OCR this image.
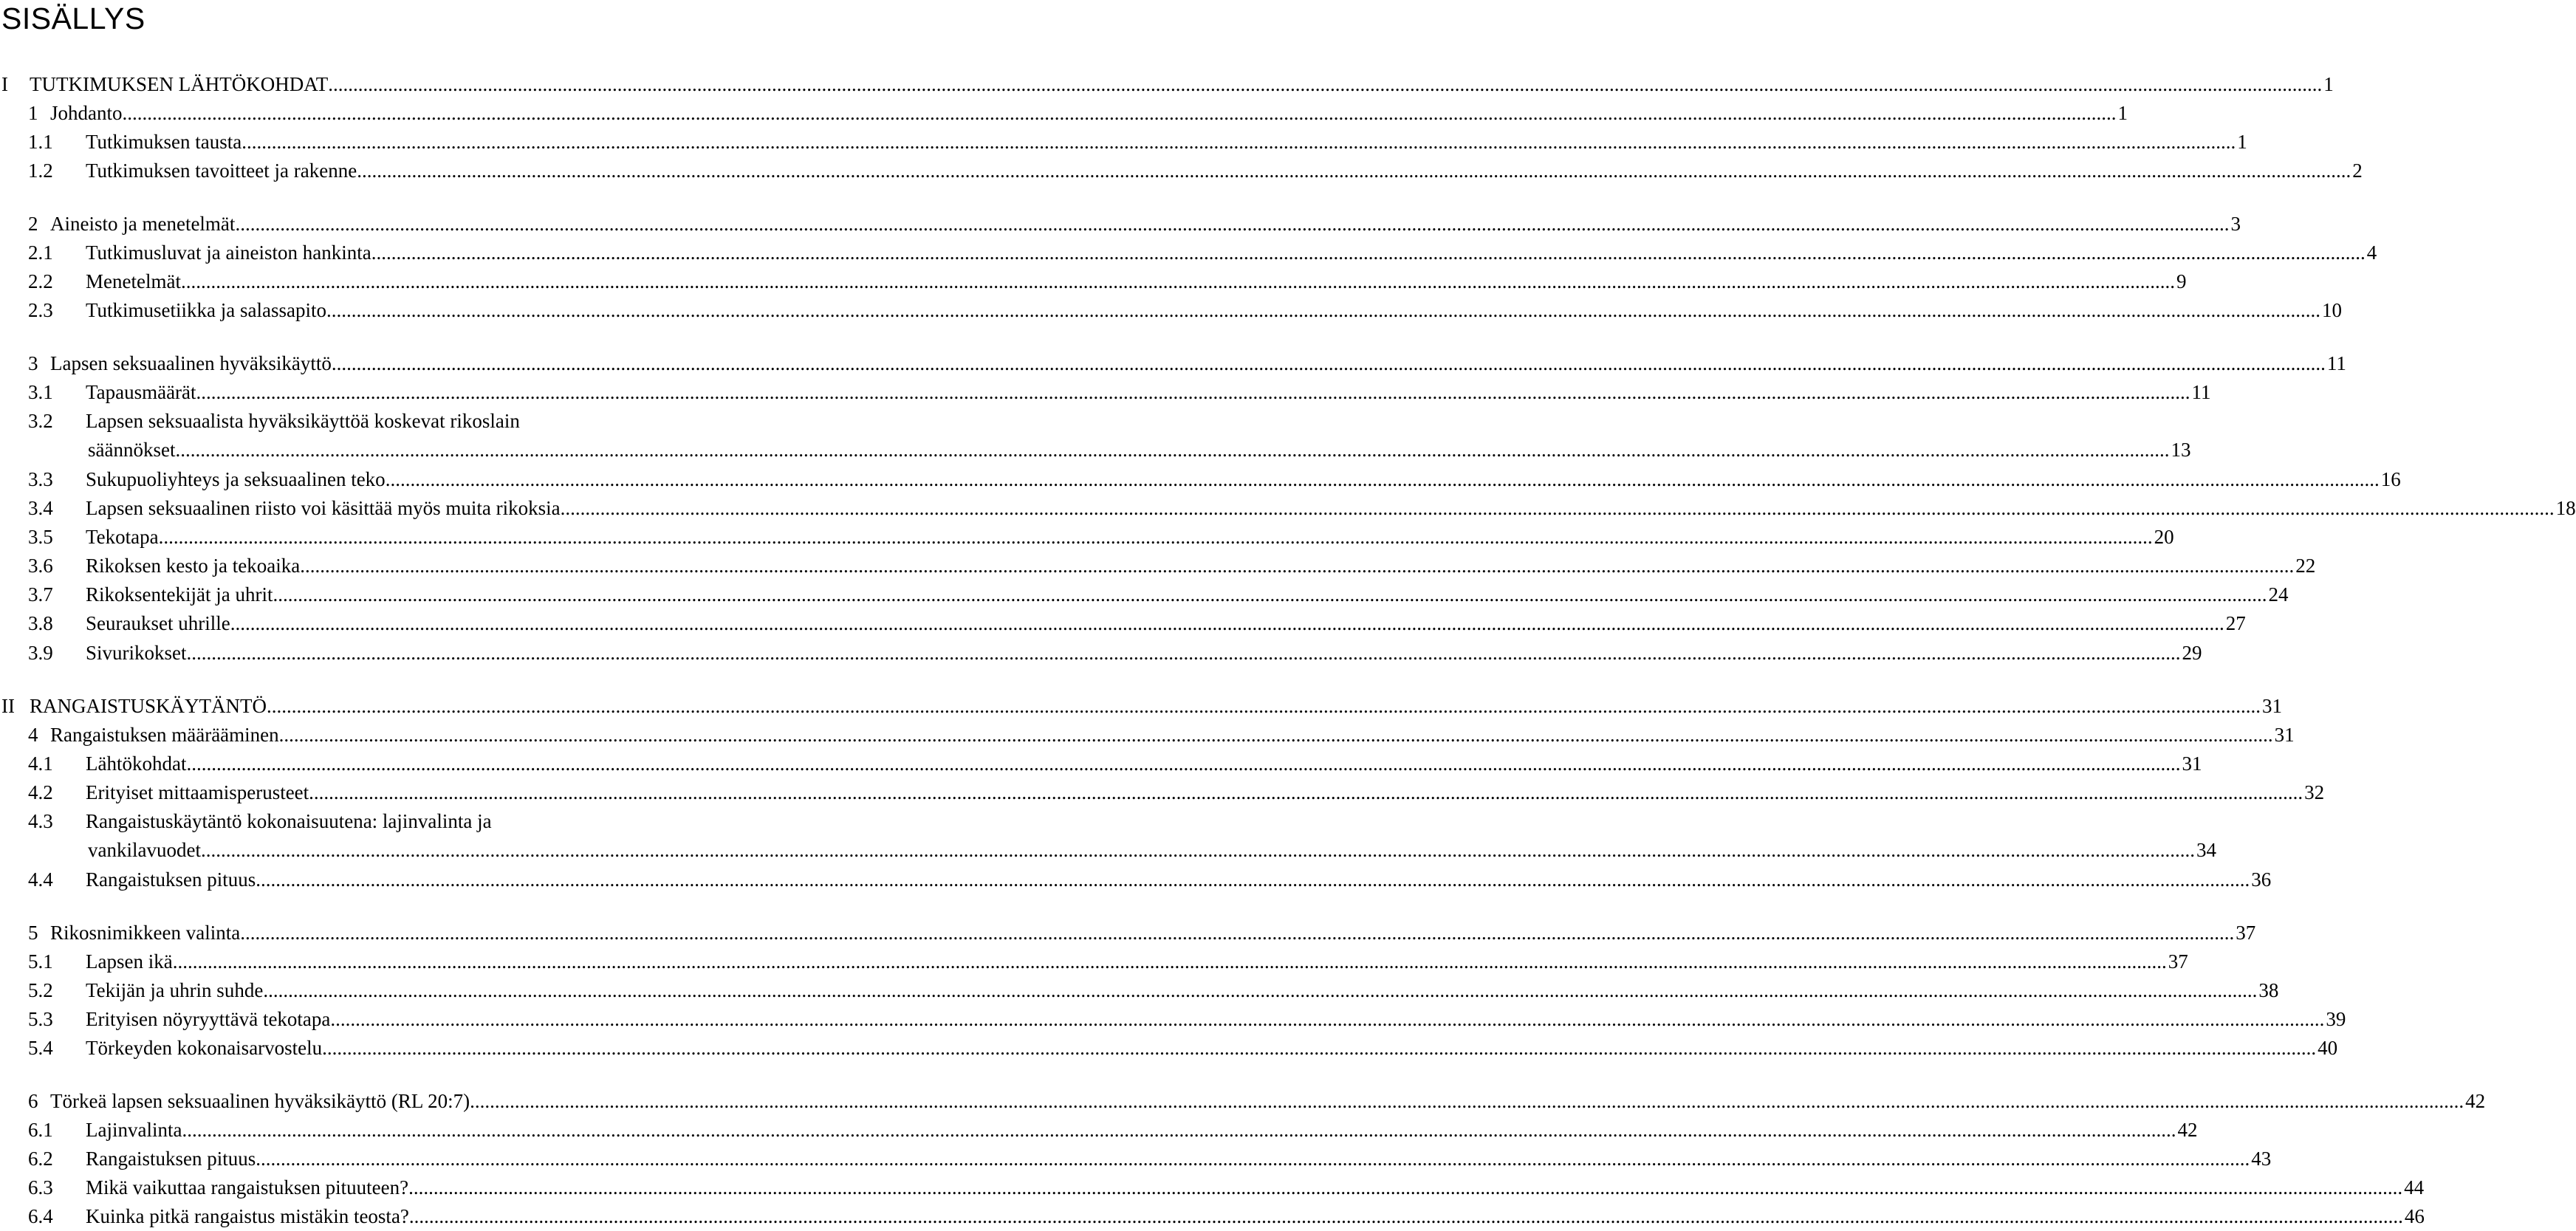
SISÄLLYS
I TUTKIMUKSEN LÄHTÖKOHDAT ................................................................................................................................................................................................................................................................................................................................................................................................................ 1
1 Johdanto ................................................................................................................................................................................................................................................................................................................................................................................................................ 1
1.1 Tutkimuksen tausta ................................................................................................................................................................................................................................................................................................................................................................................................................ 1
1.2 Tutkimuksen tavoitteet ja rakenne ................................................................................................................................................................................................................................................................................................................................................................................................................ 2
2 Aineisto ja menetelmät ................................................................................................................................................................................................................................................................................................................................................................................................................ 3
2.1 Tutkimusluvat ja aineiston hankinta ................................................................................................................................................................................................................................................................................................................................................................................................................ 4
2.2 Menetelmät ................................................................................................................................................................................................................................................................................................................................................................................................................ 9
2.3 Tutkimusetiikka ja salassapito ................................................................................................................................................................................................................................................................................................................................................................................................................ 10
3 Lapsen seksuaalinen hyväksikäyttö ................................................................................................................................................................................................................................................................................................................................................................................................................ 11
3.1 Tapausmäärät ................................................................................................................................................................................................................................................................................................................................................................................................................ 11
3.2 Lapsen seksuaalista hyväksikäyttöä koskevat rikoslain
säännökset ................................................................................................................................................................................................................................................................................................................................................................................................................ 13
3.3 Sukupuoliyhteys ja seksuaalinen teko ................................................................................................................................................................................................................................................................................................................................................................................................................ 16
3.4 Lapsen seksuaalinen riisto voi käsittää myös muita rikoksia ................................................................................................................................................................................................................................................................................................................................................................................................................ 18
3.5 Tekotapa ................................................................................................................................................................................................................................................................................................................................................................................................................ 20
3.6 Rikoksen kesto ja tekoaika ................................................................................................................................................................................................................................................................................................................................................................................................................ 22
3.7 Rikoksentekijät ja uhrit ................................................................................................................................................................................................................................................................................................................................................................................................................ 24
3.8 Seuraukset uhrille ................................................................................................................................................................................................................................................................................................................................................................................................................ 27
3.9 Sivurikokset ................................................................................................................................................................................................................................................................................................................................................................................................................ 29
II RANGAISTUSKÄYTÄNTÖ ................................................................................................................................................................................................................................................................................................................................................................................................................ 31
4 Rangaistuksen määrääminen ................................................................................................................................................................................................................................................................................................................................................................................................................ 31
4.1 Lähtökohdat ................................................................................................................................................................................................................................................................................................................................................................................................................ 31
4.2 Erityiset mittaamisperusteet ................................................................................................................................................................................................................................................................................................................................................................................................................ 32
4.3 Rangaistuskäytäntö kokonaisuutena: lajinvalinta ja
vankilavuodet ................................................................................................................................................................................................................................................................................................................................................................................................................ 34
4.4 Rangaistuksen pituus ................................................................................................................................................................................................................................................................................................................................................................................................................ 36
5 Rikosnimikkeen valinta ................................................................................................................................................................................................................................................................................................................................................................................................................ 37
5.1 Lapsen ikä ................................................................................................................................................................................................................................................................................................................................................................................................................ 37
5.2 Tekijän ja uhrin suhde ................................................................................................................................................................................................................................................................................................................................................................................................................ 38
5.3 Erityisen nöyryyttävä tekotapa ................................................................................................................................................................................................................................................................................................................................................................................................................ 39
5.4 Törkeyden kokonaisarvostelu ................................................................................................................................................................................................................................................................................................................................................................................................................ 40
6 Törkeä lapsen seksuaalinen hyväksikäyttö (RL 20:7) ................................................................................................................................................................................................................................................................................................................................................................................................................ 42
6.1 Lajinvalinta ................................................................................................................................................................................................................................................................................................................................................................................................................ 42
6.2 Rangaistuksen pituus ................................................................................................................................................................................................................................................................................................................................................................................................................ 43
6.3 Mikä vaikuttaa rangaistuksen pituuteen? ................................................................................................................................................................................................................................................................................................................................................................................................................ 44
6.4 Kuinka pitkä rangaistus mistäkin teosta? ................................................................................................................................................................................................................................................................................................................................................................................................................ 46
